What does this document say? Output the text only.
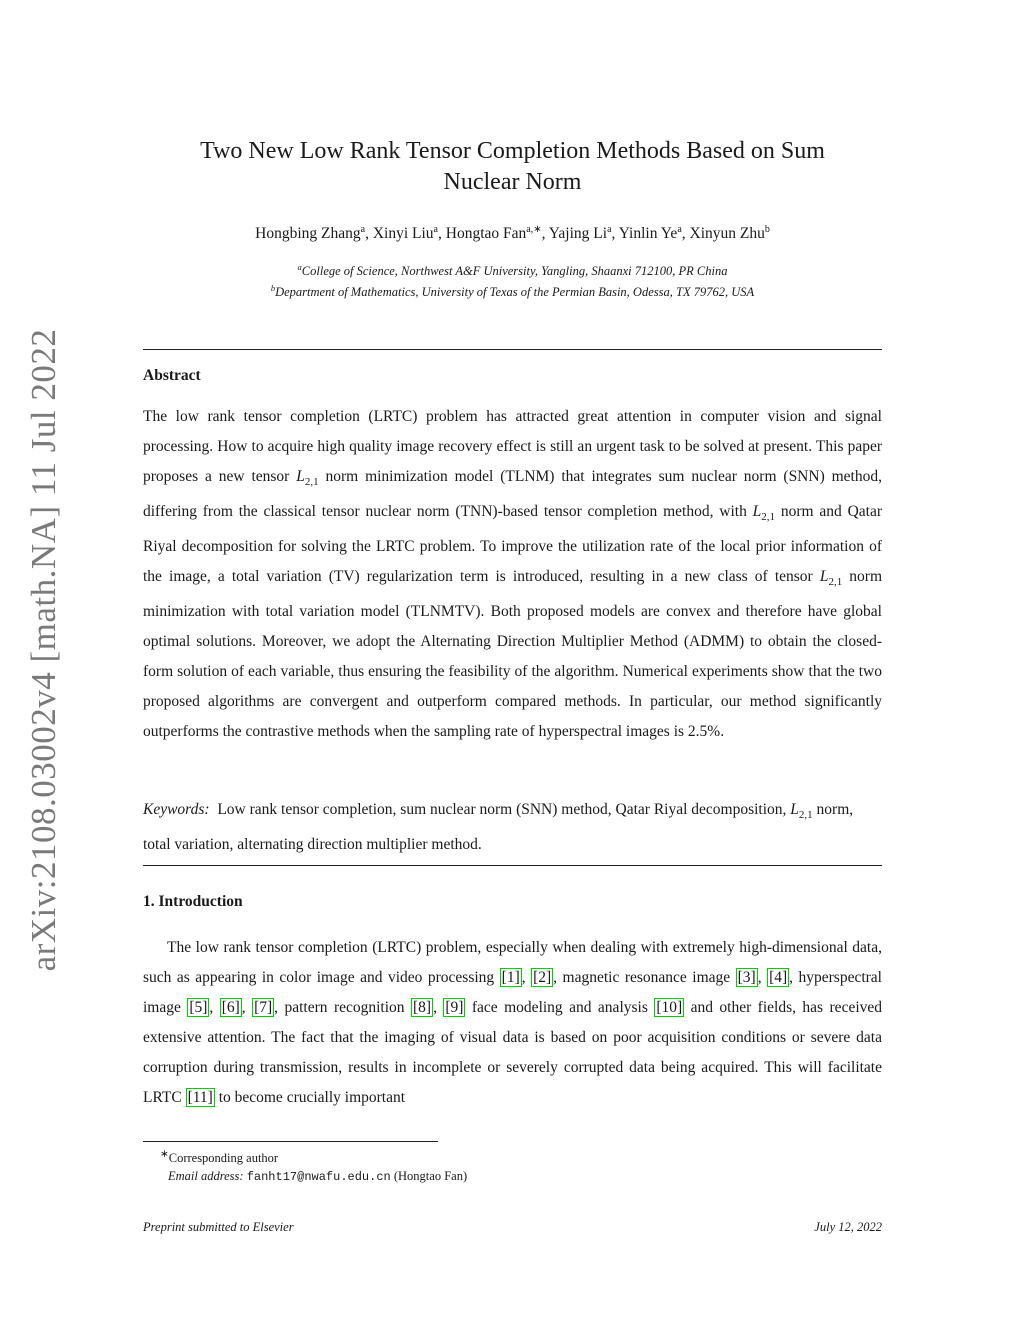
arXiv:2108.03002v4 [math.NA] 11 Jul 2022
Two New Low Rank Tensor Completion Methods Based on Sum
Nuclear Norm
Hongbing Zhang$^a$, Xinyi Liu$^a$, Hongtao Fan$^{a,∗}$, Yajing Li$^a$, Yinlin Ye$^a$, Xinyun Zhu$^b$
$^a$College of Science, Northwest A&F University, Yangling, Shaanxi 712100, PR China
$^b$Department of Mathematics, University of Texas of the Permian Basin, Odessa, TX 79762, USA
Abstract

The low rank tensor completion (LRTC) problem has attracted great attention in computer vision and signal processing. How to acquire high quality image recovery effect is still an urgent task to be solved at present. This paper proposes a new tensor $L_{2,1}$ norm minimization model (TLNM) that integrates sum nuclear norm (SNN) method, differing from the classical tensor nuclear norm (TNN)-based tensor completion method, with $L_{2,1}$ norm and Qatar Riyal decomposition for solving the LRTC problem. To improve the utilization rate of the local prior information of the image, a total variation (TV) regularization term is introduced, resulting in a new class of tensor $L_{2,1}$ norm minimization with total variation model (TLNMTV). Both proposed models are convex and therefore have global optimal solutions. Moreover, we adopt the Alternating Direction Multiplier Method (ADMM) to obtain the closed-form solution of each variable, thus ensuring the feasibility of the algorithm. Numerical experiments show that the two proposed algorithms are convergent and outperform compared methods. In particular, our method significantly outperforms the contrastive methods when the sampling rate of hyperspectral images is 2.5%.

Keywords: Low rank tensor completion, sum nuclear norm (SNN) method, Qatar Riyal decomposition, $L_{2,1}$ norm, total variation, alternating direction multiplier method.
1. Introduction

The low rank tensor completion (LRTC) problem, especially when dealing with extremely high-dimensional data, such as appearing in color image and video processing [1] , [2] , magnetic resonance image [3] , [4] , hyperspectral image [5] , [6] , [7] , pattern recognition [8] , [9] face modeling and analysis [10] and other fields, has received extensive attention. The fact that the imaging of visual data is based on poor acquisition conditions or severe data corruption during transmission, results in incomplete or severely corrupted data being acquired. This will facilitate LRTC [11] to become crucially important

∗Corresponding author
Email address: fanht17@nwafu.edu.cn (Hongtao Fan)
Preprint submitted to Elsevier	July 12, 2022
